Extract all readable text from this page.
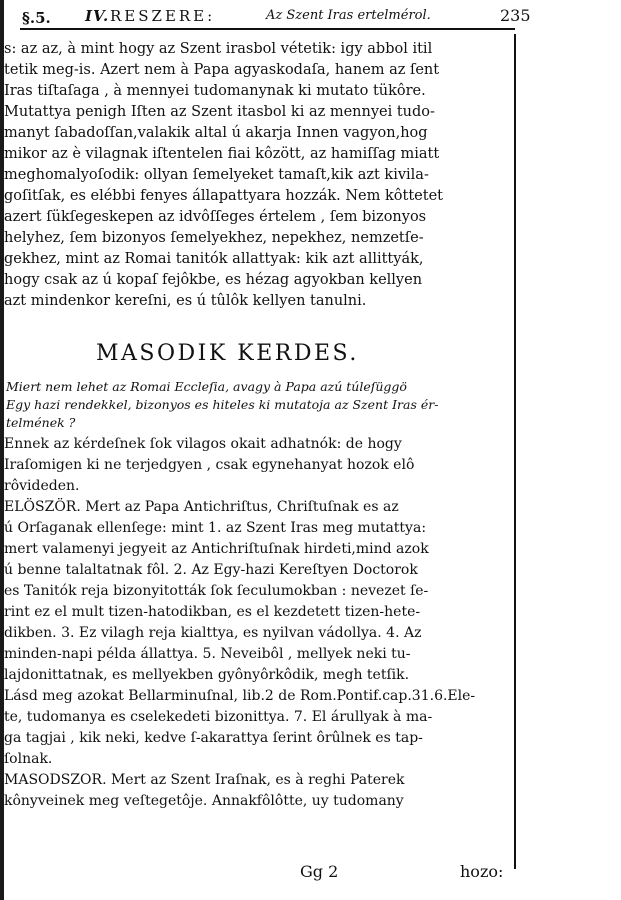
§.5. IV. RESZERE:	Az Szent Iras ertelmérol.	235
s: az az, à mint hogy az Szent irasbol vétetik: igy abbol itil
tetik meg-is. Azert nem à Papa agyaskodaſa, hanem az ſent
Iras tiſtaſaga , à mennyei tudomanynak ki mutato tükôre.
Mutattya penigh Iſten az Szent itasbol ki az mennyei tudo-
manyt ſabadoſſan,valakik altal ú akarja Innen vagyon,hog
mikor az è vilagnak iſtentelen fiai kôzött, az hamiſſag miatt
meghomalyoſodik: ollyan ſemelyeket tamaſt,kik azt kivila-
goſitſak, es elébbi fenyes állapattyara hozzák. Nem kôttetet
azert ſükſegeskepen az idvôſſeges értelem , ſem bizonyos
helyhez, ſem bizonyos ſemelyekhez, nepekhez, nemzetſe-
gekhez, mint az Romai tanitók allattyak: kik azt allittyák,
hogy csak az ú kopaſ fejôkbe, es hézag agyokban kellyen
azt mindenkor kereſni, es ú tûlôk kellyen tanulni.
MASODIK KERDES.
Miert nem lehet az Romai Eccleſia, avagy à Papa azú túleſüggö
Egy hazi rendekkel, bizonyos es hiteles ki mutatoja az Szent Iras ér-
telmének ?
Ennek az kérdeſnek ſok vilagos okait adhatnók: de hogy
Iraſomigen ki ne terjedgyen , csak egynehanyat hozok elô
rôvideden.
ELÖSZÖR. Mert az Papa Antichriſtus, Chriſtuſnak es az
ú Orſaganak ellenſege: mint 1. az Szent Iras meg mutattya:
mert valamenyi jegyeit az Antichriſtuſnak hirdeti,mind azok
ú benne talaltatnak fôl. 2. Az Egy-hazi Kereſtyen Doctorok
es Tanitók reja bizonyitották ſok ſeculumokban : nevezet ſe-
rint ez el mult tizen-hatodikban, es el kezdetett tizen-hete-
dikben. 3. Ez vilagh reja kialttya, es nyilvan vádollya. 4. Az
minden-napi példa állattya. 5. Neveibôl , mellyek neki tu-
lajdonittatnak, es mellyekben gyônyôrkôdik, megh tetſik.
Lásd meg azokat Bellarminuſnal, lib.2 de Rom.Pontif.cap.31.6.Ele-
te, tudomanya es cselekedeti bizonittya. 7. El árullyak à ma-
ga tagjai , kik neki, kedve ſ-akarattya ſerint ôrûlnek es tap-
ſolnak.
MASODSZOR. Mert az Szent Iraſnak, es à reghi Paterek
kônyveinek meg veſtegetôje. Annakfôlôtte, uy tudomany
Gg 2	hozo:
